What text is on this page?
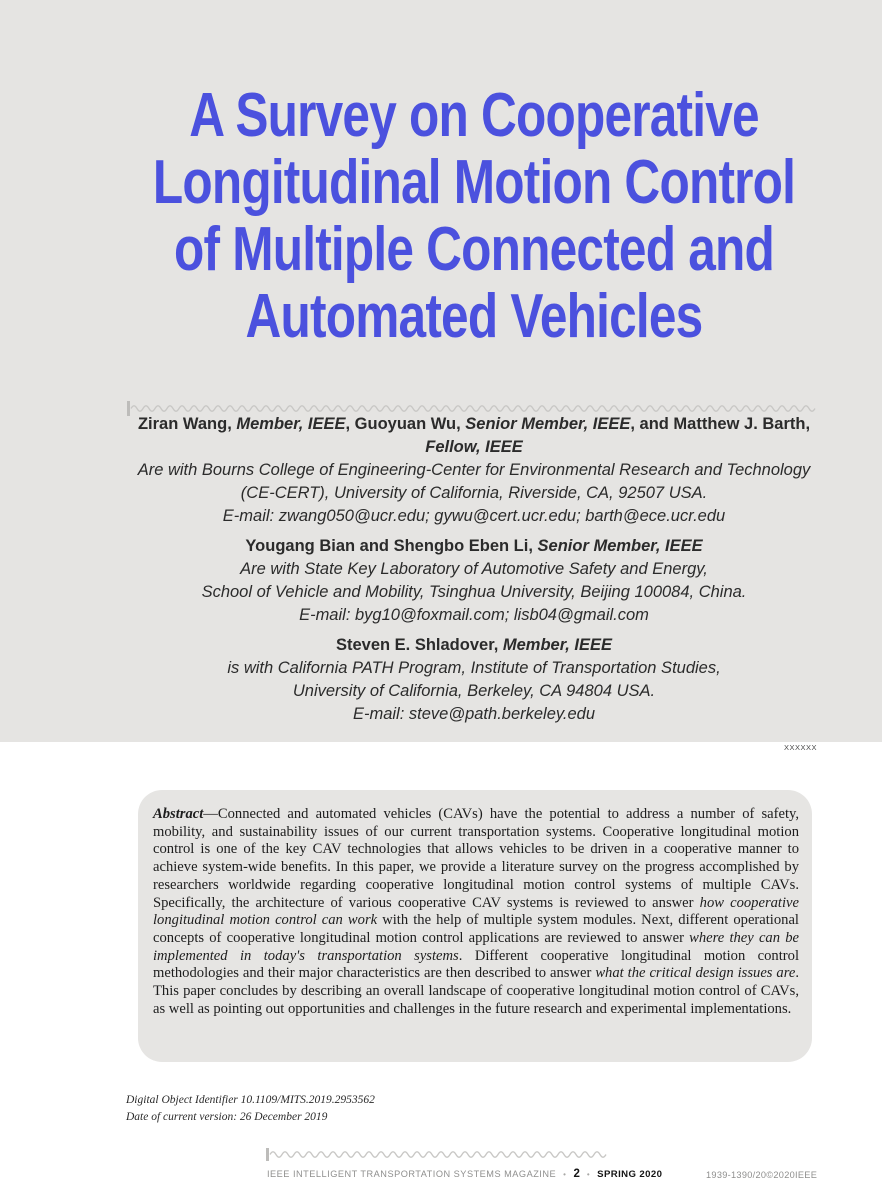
A Survey on Cooperative
Longitudinal Motion Control
of Multiple Connected and
Automated Vehicles
Ziran Wang, Member, IEEE, Guoyuan Wu, Senior Member, IEEE, and Matthew J. Barth,
Fellow, IEEE
Are with Bourns College of Engineering-Center for Environmental Research and Technology
(CE-CERT), University of California, Riverside, CA, 92507 USA.
E-mail: zwang050@ucr.edu; gywu@cert.ucr.edu; barth@ece.ucr.edu
Yougang Bian and Shengbo Eben Li, Senior Member, IEEE
Are with State Key Laboratory of Automotive Safety and Energy,
School of Vehicle and Mobility, Tsinghua University, Beijing 100084, China.
E-mail: byg10@foxmail.com; lisb04@gmail.com
Steven E. Shladover, Member, IEEE
is with California PATH Program, Institute of Transportation Studies,
University of California, Berkeley, CA 94804 USA.
E-mail: steve@path.berkeley.edu
XXXXXX

Abstract—Connected and automated vehicles (CAVs) have the potential to address a number of safety, mobility, and sustainability issues of our current transportation systems. Cooperative longitudinal motion control is one of the key CAV technologies that allows vehicles to be driven in a cooperative manner to achieve system-wide benefits. In this paper, we provide a literature survey on the progress accomplished by researchers worldwide regarding cooperative longitudinal motion control systems of multiple CAVs. Specifically, the architecture of various cooperative CAV systems is reviewed to answer how cooperative longitudinal motion control can work with the help of multiple system modules. Next, different operational concepts of cooperative longitudinal motion control applications are reviewed to answer where they can be implemented in today's transportation systems. Different cooperative longitudinal motion control methodologies and their major characteristics are then described to answer what the critical design issues are. This paper concludes by describing an overall landscape of cooperative longitudinal motion control of CAVs, as well as pointing out opportunities and challenges in the future research and experimental implementations.

Digital Object Identifier 10.1109/MITS.2019.2953562
Date of current version: 26 December 2019
IEEE INTELLIGENT TRANSPORTATION SYSTEMS MAGAZINE • 2 • SPRING 2020	1939-1390/20©2020IEEE
